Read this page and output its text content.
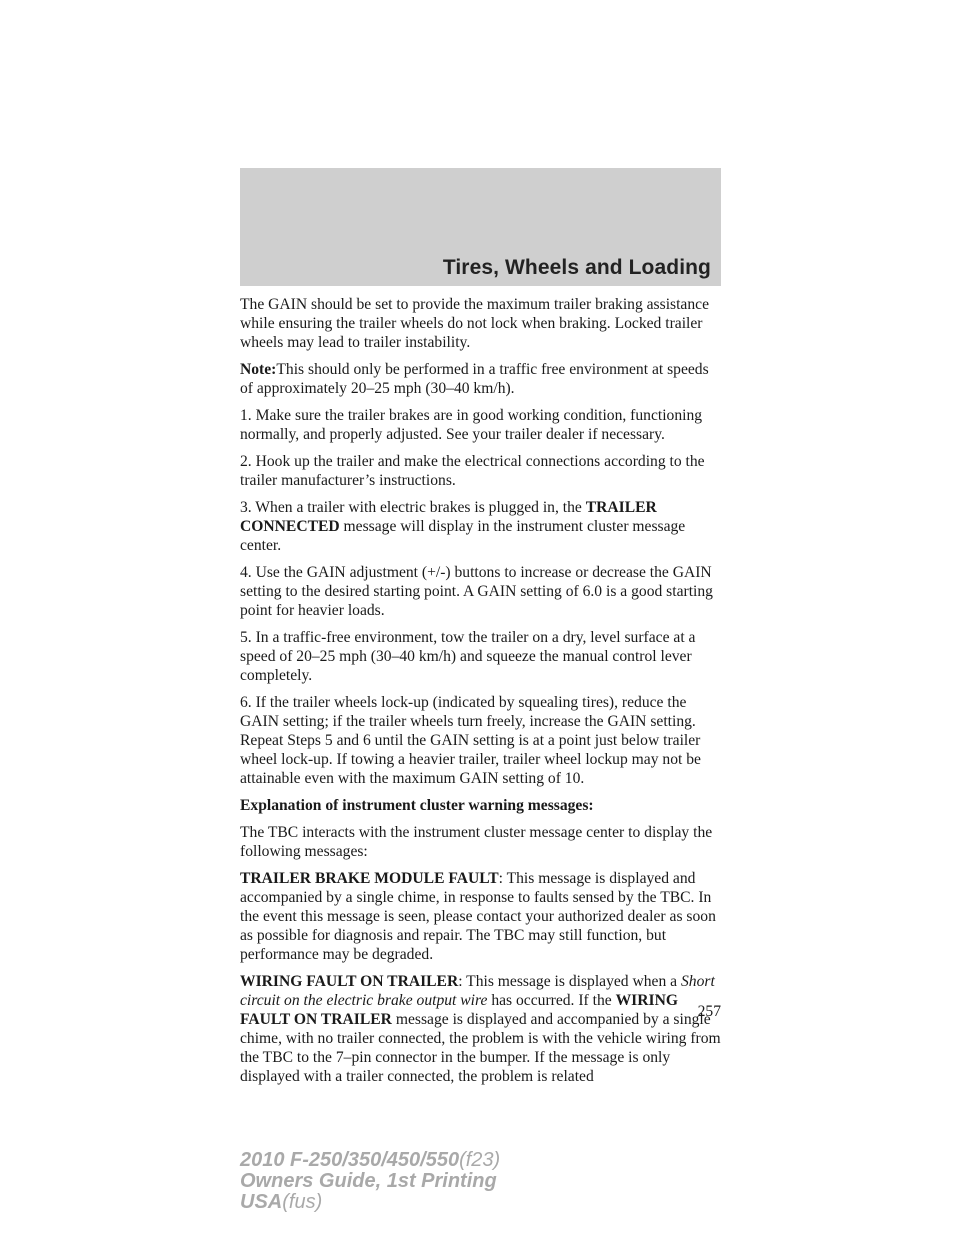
Tires, Wheels and Loading

The GAIN should be set to provide the maximum trailer braking assistance while ensuring the trailer wheels do not lock when braking. Locked trailer wheels may lead to trailer instability.

Note:This should only be performed in a traffic free environment at speeds of approximately 20–25 mph (30–40 km/h).

1. Make sure the trailer brakes are in good working condition, functioning normally, and properly adjusted. See your trailer dealer if necessary.

2. Hook up the trailer and make the electrical connections according to the trailer manufacturer’s instructions.

3. When a trailer with electric brakes is plugged in, the TRAILER CONNECTED message will display in the instrument cluster message center.

4. Use the GAIN adjustment (+/-) buttons to increase or decrease the GAIN setting to the desired starting point. A GAIN setting of 6.0 is a good starting point for heavier loads.

5. In a traffic-free environment, tow the trailer on a dry, level surface at a speed of 20–25 mph (30–40 km/h) and squeeze the manual control lever completely.

6. If the trailer wheels lock-up (indicated by squealing tires), reduce the GAIN setting; if the trailer wheels turn freely, increase the GAIN setting. Repeat Steps 5 and 6 until the GAIN setting is at a point just below trailer wheel lock-up. If towing a heavier trailer, trailer wheel lockup may not be attainable even with the maximum GAIN setting of 10.

Explanation of instrument cluster warning messages:

The TBC interacts with the instrument cluster message center to display the following messages:

TRAILER BRAKE MODULE FAULT: This message is displayed and accompanied by a single chime, in response to faults sensed by the TBC. In the event this message is seen, please contact your authorized dealer as soon as possible for diagnosis and repair. The TBC may still function, but performance may be degraded.

WIRING FAULT ON TRAILER: This message is displayed when a Short circuit on the electric brake output wire has occurred. If the WIRING FAULT ON TRAILER message is displayed and accompanied by a single chime, with no trailer connected, the problem is with the vehicle wiring from the TBC to the 7–pin connector in the bumper. If the message is only displayed with a trailer connected, the problem is related

257
2010 F-250/350/450/550(f23)
Owners Guide, 1st Printing
USA(fus)
